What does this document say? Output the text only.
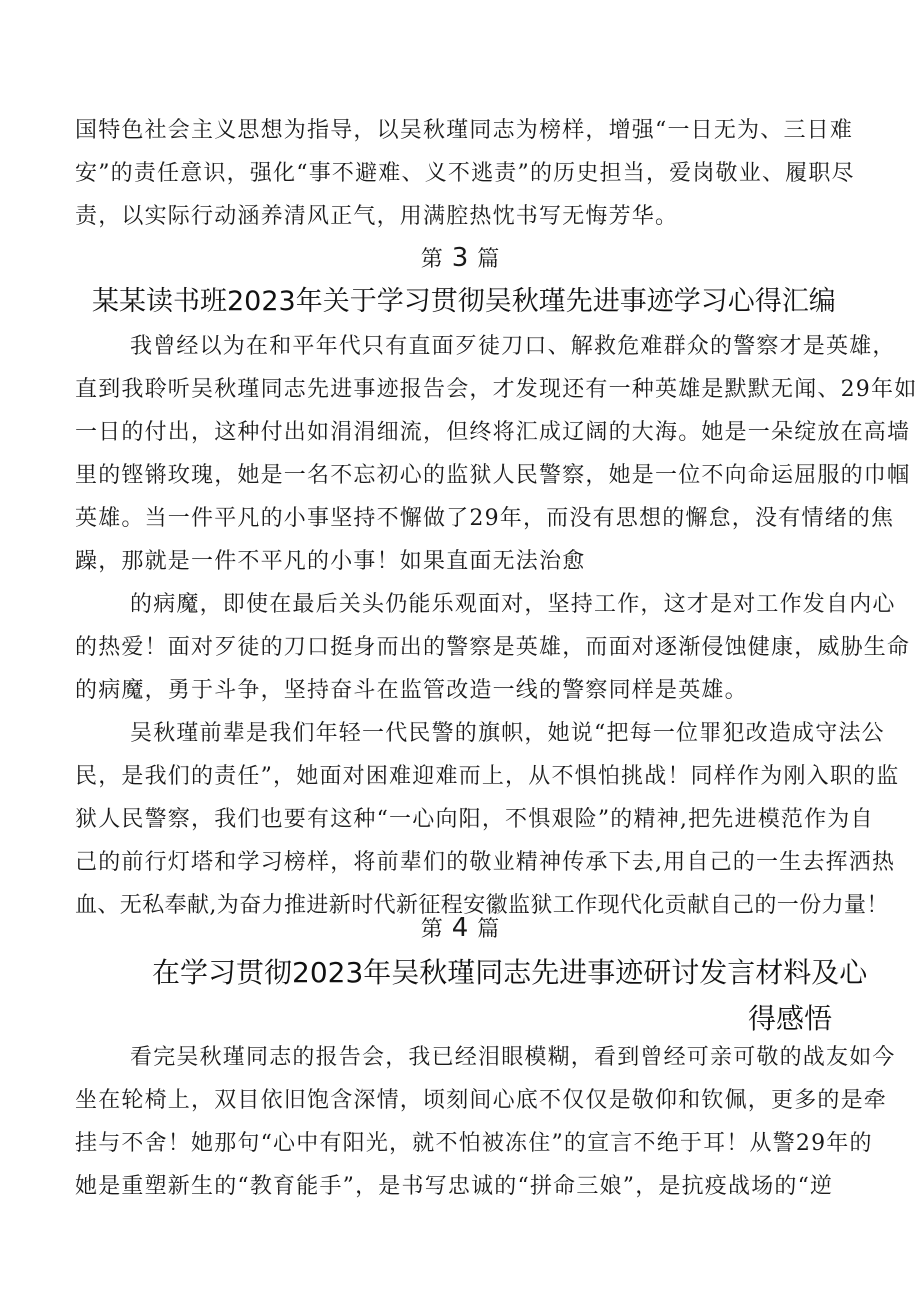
国特色社会主义思想为指导，以吴秋瑾同志为榜样，增强“一日无为、三日难
安”的责任意识，强化“事不避难、义不逃责”的历史担当，爱岗敬业、履职尽
责，以实际行动涵养清风正气，用满腔热忱书写无悔芳华。
第 3 篇
某某读书班2023年关于学习贯彻吴秋瑾先进事迹学习心得汇编
我曾经以为在和平年代只有直面歹徒刀口、解救危难群众的警察才是英雄，
直到我聆听吴秋瑾同志先进事迹报告会，才发现还有一种英雄是默默无闻、29年如
一日的付出，这种付出如涓涓细流，但终将汇成辽阔的大海。她是一朵绽放在高墙
里的铿锵玫瑰，她是一名不忘初心的监狱人民警察，她是一位不向命运屈服的巾帼
英雄。当一件平凡的小事坚持不懈做了29年，而没有思想的懈怠，没有情绪的焦
躁，那就是一件不平凡的小事！如果直面无法治愈
的病魔，即使在最后关头仍能乐观面对，坚持工作，这才是对工作发自内心
的热爱！面对歹徒的刀口挺身而出的警察是英雄，而面对逐渐侵蚀健康，威胁生命
的病魔，勇于斗争，坚持奋斗在监管改造一线的警察同样是英雄。
吴秋瑾前辈是我们年轻一代民警的旗帜，她说“把每一位罪犯改造成守法公
民，是我们的责任”，她面对困难迎难而上，从不惧怕挑战！同样作为刚入职的监
狱人民警察，我们也要有这种“一心向阳，不惧艰险”的精神,把先进模范作为自
己的前行灯塔和学习榜样，将前辈们的敬业精神传承下去,用自己的一生去挥洒热
血、无私奉献,为奋力推进新时代新征程安徽监狱工作现代化贡献自己的一份力量！
第 4 篇
在学习贯彻2023年吴秋瑾同志先进事迹研讨发言材料及心
得感悟
看完吴秋瑾同志的报告会，我已经泪眼模糊，看到曾经可亲可敬的战友如今
坐在轮椅上，双目依旧饱含深情，顷刻间心底不仅仅是敬仰和钦佩，更多的是牵
挂与不舍！她那句“心中有阳光，就不怕被冻住”的宣言不绝于耳！从警29年的
她是重塑新生的“教育能手”，是书写忠诚的“拼命三娘”，是抗疫战场的“逆
